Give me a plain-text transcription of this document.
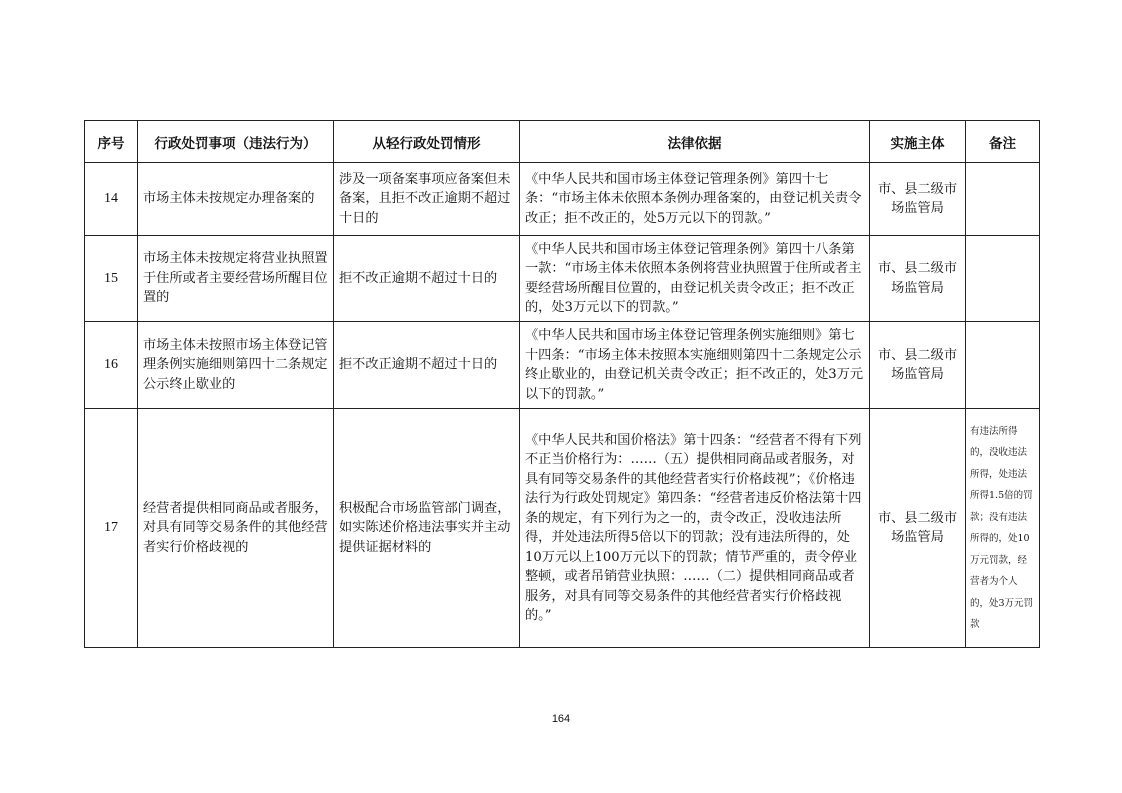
序号	行政处罚事项（违法行为）	从轻行政处罚情形	法律依据	实施主体	备注
14	市场主体未按规定办理备案的	涉及一项备案事项应备案但未备案，且拒不改正逾期不超过十日的	《中华人民共和国市场主体登记管理条例》第四十七条：“市场主体未依照本条例办理备案的，由登记机关责令改正；拒不改正的，处5万元以下的罚款。”	市、县二级市场监管局	
15	市场主体未按规定将营业执照置于住所或者主要经营场所醒目位置的	拒不改正逾期不超过十日的	《中华人民共和国市场主体登记管理条例》第四十八条第一款：“市场主体未依照本条例将营业执照置于住所或者主要经营场所醒目位置的，由登记机关责令改正；拒不改正的，处3万元以下的罚款。”	市、县二级市场监管局	
16	市场主体未按照市场主体登记管理条例实施细则第四十二条规定公示终止歇业的	拒不改正逾期不超过十日的	《中华人民共和国市场主体登记管理条例实施细则》第七十四条：“市场主体未按照本实施细则第四十二条规定公示终止歇业的，由登记机关责令改正；拒不改正的，处3万元以下的罚款。”	市、县二级市场监管局	
17	经营者提供相同商品或者服务，对具有同等交易条件的其他经营者实行价格歧视的	积极配合市场监管部门调查，如实陈述价格违法事实并主动提供证据材料的	《中华人民共和国价格法》第十四条：“经营者不得有下列不正当价格行为：……（五）提供相同商品或者服务，对具有同等交易条件的其他经营者实行价格歧视”；《价格违法行为行政处罚规定》第四条：“经营者违反价格法第十四条的规定，有下列行为之一的，责令改正，没收违法所得，并处违法所得5倍以下的罚款；没有违法所得的，处10万元以上100万元以下的罚款；情节严重的，责令停业整顿，或者吊销营业执照：……（二）提供相同商品或者服务，对具有同等交易条件的其他经营者实行价格歧视的。”	市、县二级市场监管局	有违法所得的，没收违法所得，处违法所得1.5倍的罚款；没有违法所得的，处10万元罚款，经营者为个人的，处3万元罚款
164
